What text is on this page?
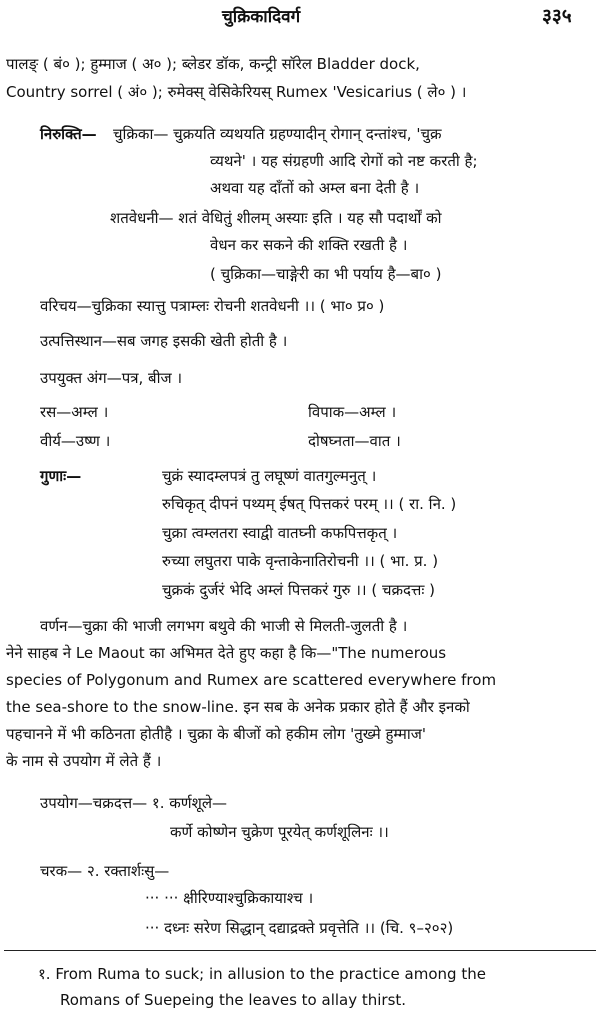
चुक्रिकादिवर्ग	३३५
पालङ् ( बं० ); हुम्माज ( अ० ); ब्लेडर डॉक, कन्ट्री सॉरेल Bladder dock,
Country sorrel ( अं० ); रुमेक्स् वेसिकेरियस् Rumex 'Vesicarius ( ले० ) ।
निरुक्ति— चुक्रिका— चुक्रयति व्यथयति ग्रहण्यादीन् रोगान् दन्तांश्च, 'चुक्र
व्यथने' । यह संग्रहणी आदि रोगों को नष्ट करती है;
अथवा यह दाँतों को अम्ल बना देती है ।
शतवेधनी— शतं वेधितुं शीलम् अस्याः इति । यह सौ पदार्थों को
वेधन कर सकने की शक्ति रखती है ।
( चुक्रिका—चाङ्गेरी का भी पर्याय है—बा० )
वरिचय—चुक्रिका स्यात्तु पत्राम्लः रोचनी शतवेधनी ।। ( भा० प्र० )
उत्पत्तिस्थान—सब जगह इसकी खेती होती है ।
उपयुक्त अंग—पत्र, बीज ।
रस—अम्ल ।	विपाक—अम्ल ।
वीर्य—उष्ण ।	दोषघ्नता—वात ।
गुणाः—	चुक्रं स्यादम्लपत्रं तु लघूष्णं वातगुल्मनुत् ।
रुचिकृत् दीपनं पथ्यम् ईषत् पित्तकरं परम् ।। ( रा. नि. )
चुक्रा त्वम्लतरा स्वाद्वी वातघ्नी कफपित्तकृत् ।
रुच्या लघुतरा पाके वृन्ताकेनातिरोचनी ।। ( भा. प्र. )
चुक्रकं दुर्जरं भेदि अम्लं पित्तकरं गुरु ।। ( चक्रदत्तः )
वर्णन—चुक्रा की भाजी लगभग बथुवे की भाजी से मिलती-जुलती है ।
नेने साहब ने Le Maout का अभिमत देते हुए कहा है कि—"The numerous
species of Polygonum and Rumex are scattered everywhere from
the sea-shore to the snow-line. इन सब के अनेक प्रकार होते हैं और इनको
पहचानने में भी कठिनता होतीहै । चुक्रा के बीजों को हकीम लोग 'तुख्मे हुम्माज'
के नाम से उपयोग में लेते हैं ।
उपयोग—चक्रदत्त— १. कर्णशूले—
कर्णे कोष्णेन चुक्रेण पूरयेत् कर्णशूलिनः ।।
चरक— २. रक्तार्शःसु—
··· ··· क्षीरिण्याश्चुक्रिकायाश्च ।
··· दध्नः सरेण सिद्धान् दद्याद्रक्ते प्रवृत्तेति ।। (चि. ९–२०२)
१. From Ruma to suck; in allusion to the practice among the
Romans of Suepeing the leaves to allay thirst.
